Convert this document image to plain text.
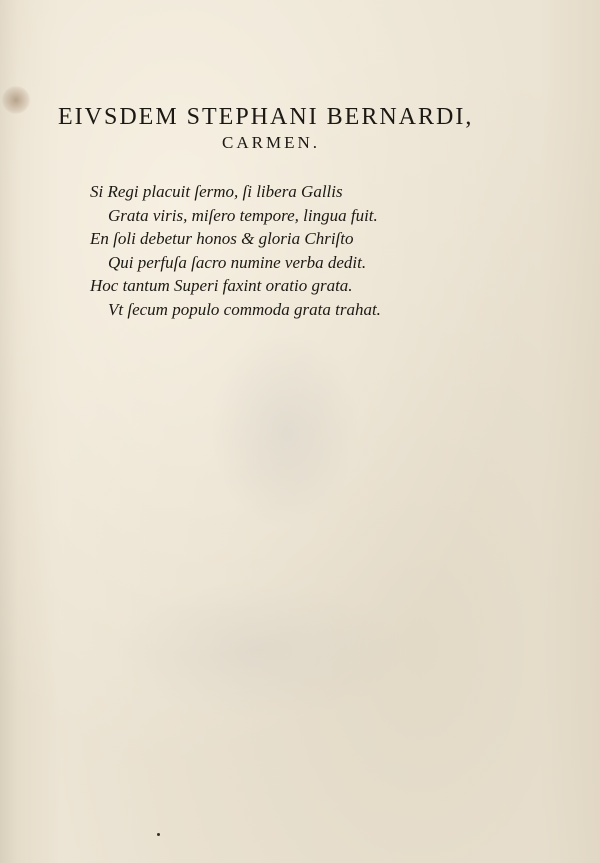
EIVSDEM STEPHANI BERNARDI,
CARMEN.
Si Regi placuit ſermo, ſi libera Gallis
Grata viris, miſero tempore, lingua fuit.
En ſoli debetur honos & gloria Chriſto
Qui perfuſa ſacro numine verba dedit.
Hoc tantum Superi faxint oratio grata.
Vt ſecum populo commoda grata trahat.
